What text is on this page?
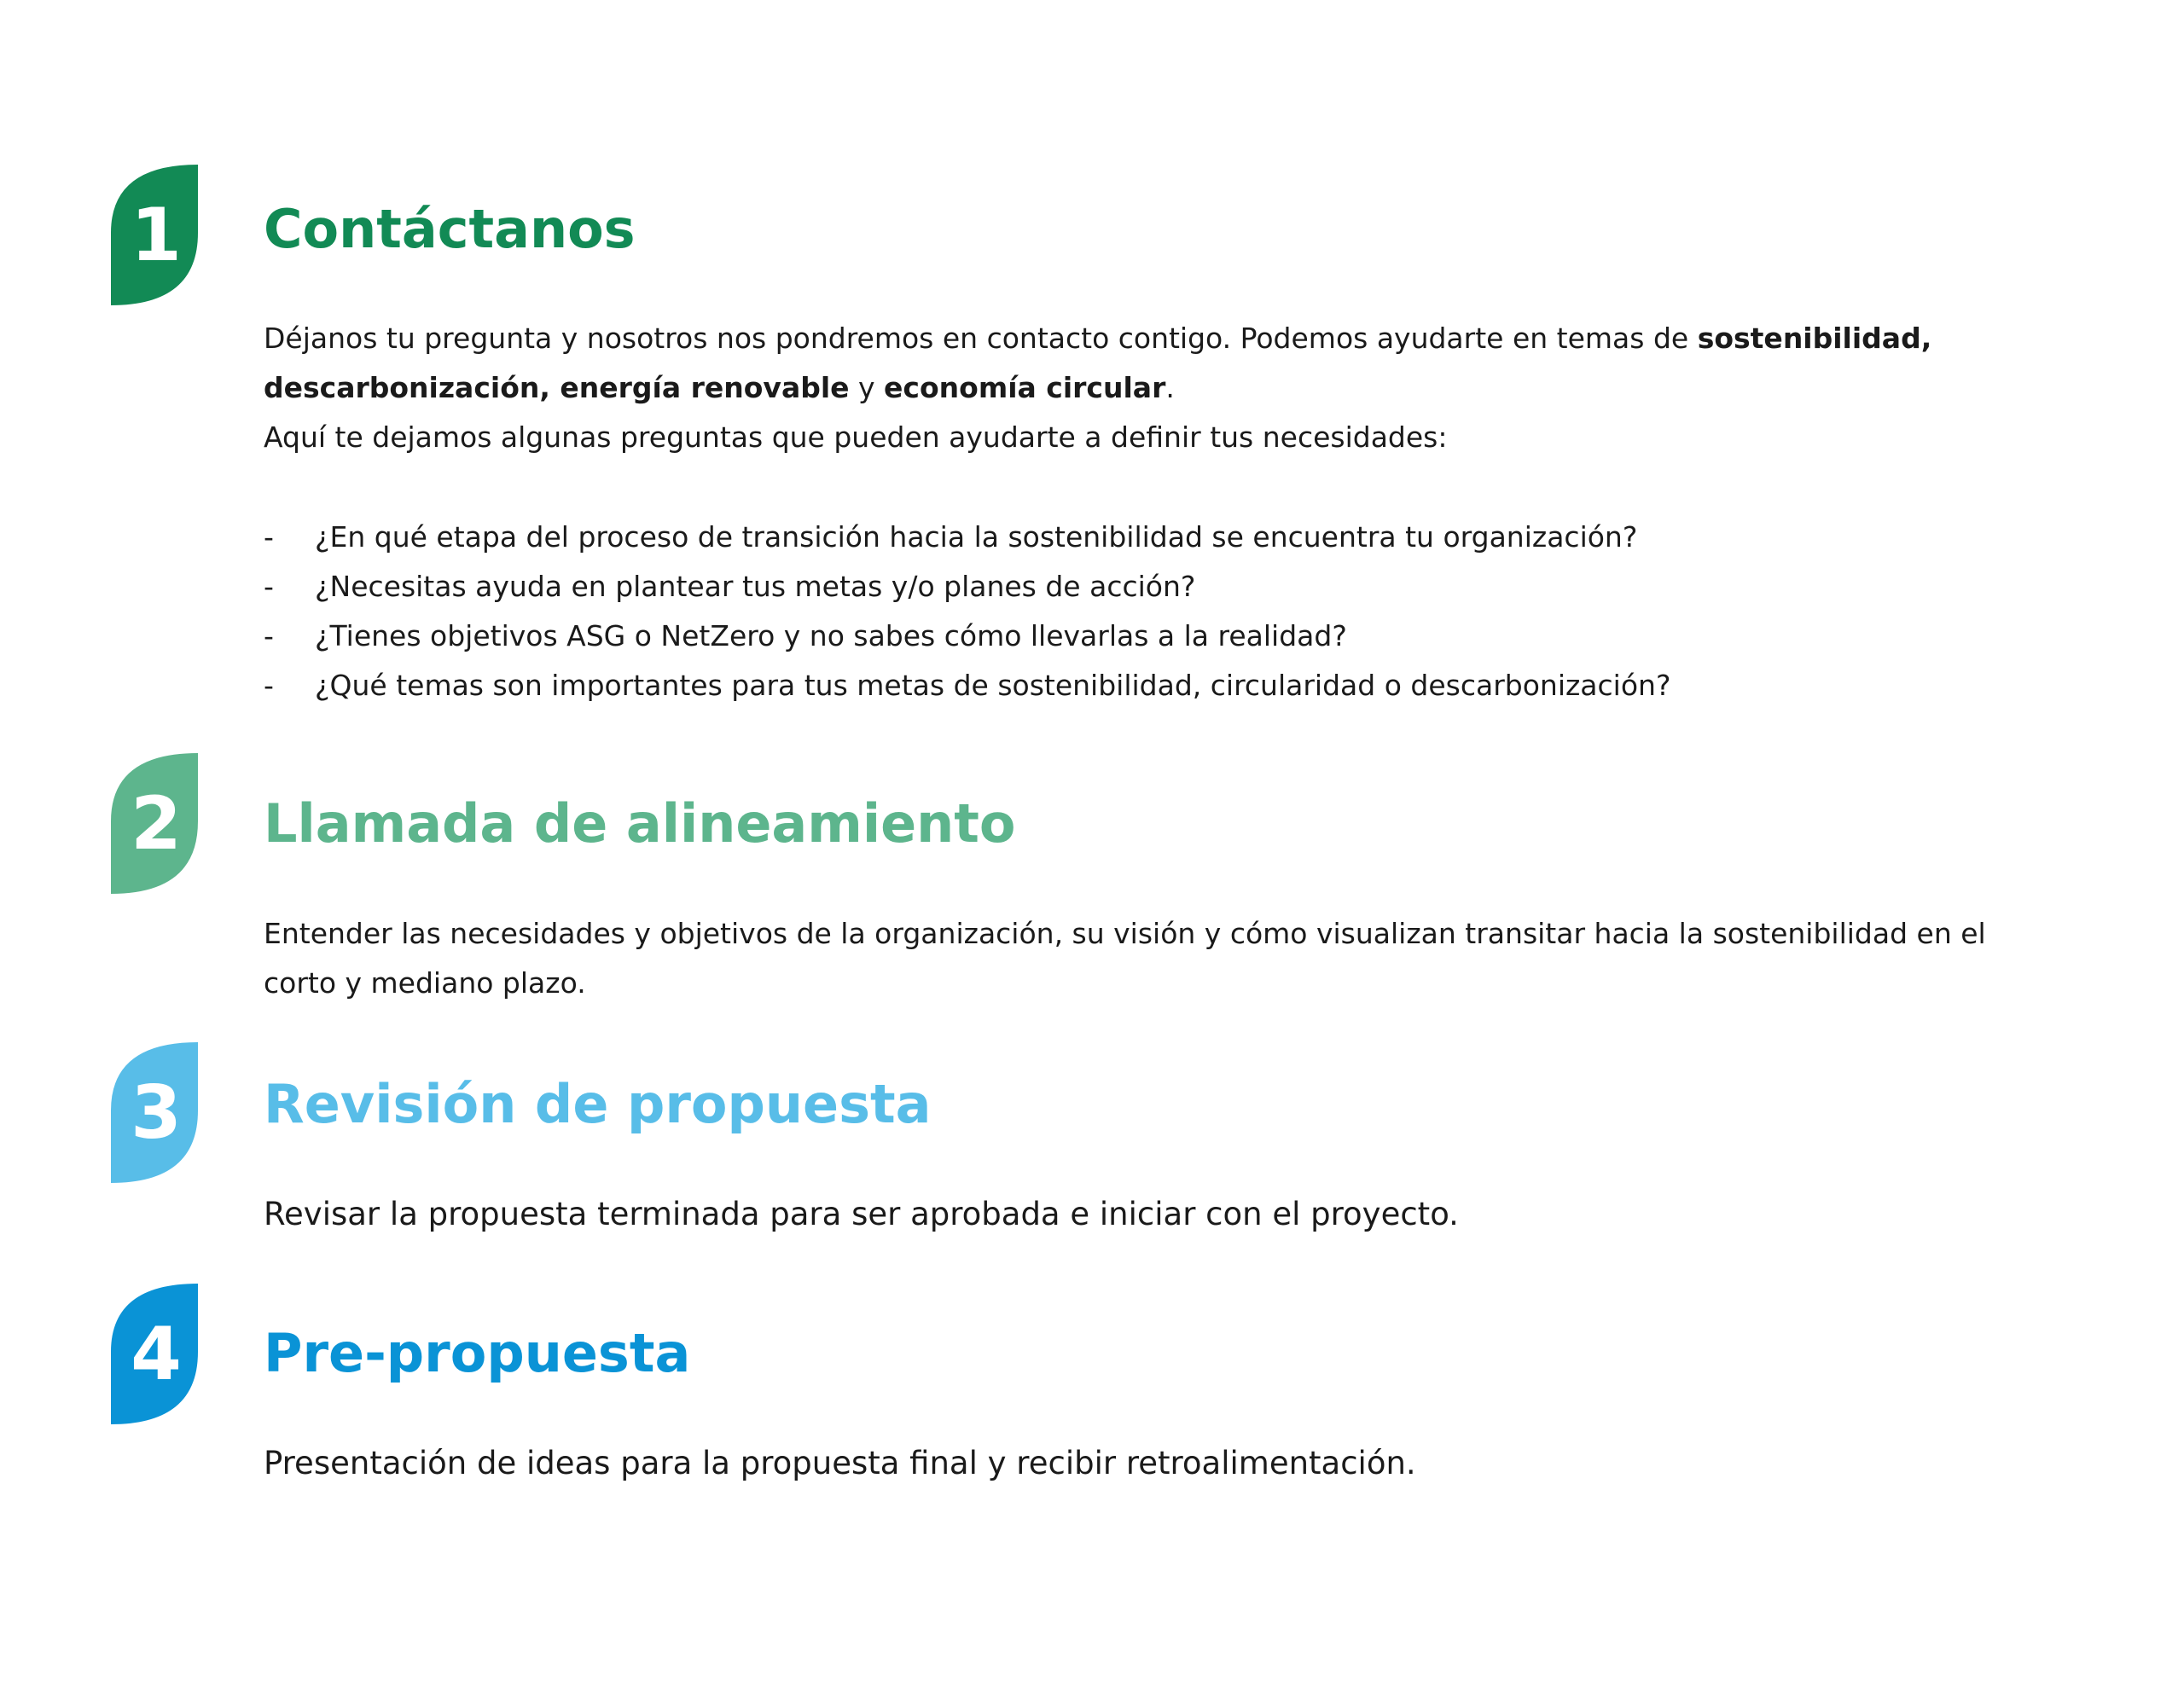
1	Contáctanos

Déjanos tu pregunta y nosotros nos pondremos en contacto contigo. Podemos ayudarte en temas de sostenibilidad, descarbonización, energía renovable y economía circular.

Aquí te dejamos algunas preguntas que pueden ayudarte a definir tus necesidades:

- ¿En qué etapa del proceso de transición hacia la sostenibilidad se encuentra tu organización?
- ¿Necesitas ayuda en plantear tus metas y/o planes de acción?
- ¿Tienes objetivos ASG o NetZero y no sabes cómo llevarlas a la realidad?
- ¿Qué temas son importantes para tus metas de sostenibilidad, circularidad o descarbonización?
2	Llamada de alineamiento

Entender las necesidades y objetivos de la organización, su visión y cómo visualizan transitar hacia la sostenibilidad en el corto y mediano plazo.

3	Revisión de propuesta

Revisar la propuesta terminada para ser aprobada e iniciar con el proyecto.

4	Pre-propuesta

Presentación de ideas para la propuesta final y recibir retroalimentación.
